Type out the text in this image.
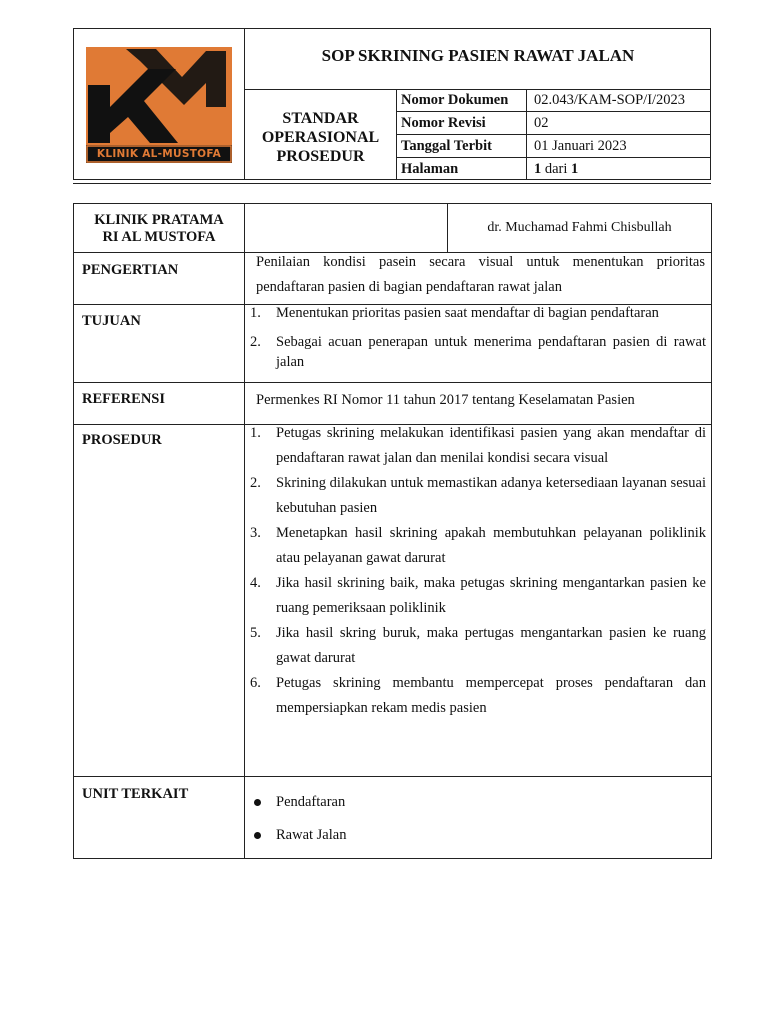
KLINIK AL-MUSTOFA
SOP SKRINING PASIEN RAWAT JALAN
STANDAR
OPERASIONAL
PROSEDUR
Nomor Dokumen 02.043/KAM-SOP/I/2023
Nomor Revisi	02
Tanggal Terbit	01 Januari 2023
Halaman	1 dari 1
KLINIK PRATAMA
RI AL MUSTOFA
dr. Muchamad Fahmi Chisbullah
PENGERTIAN	Penilaian kondisi pasein secara visual untuk menentukan prioritas pendaftaran pasien di bagian pendaftaran rawat jalan
TUJUAN	1. Menentukan prioritas pasien saat mendaftar di bagian pendaftaran
2. Sebagai acuan penerapan untuk menerima pendaftaran pasien di rawat jalan
REFERENSI	Permenkes RI Nomor 11 tahun 2017 tentang Keselamatan Pasien
PROSEDUR	1. Petugas skrining melakukan identifikasi pasien yang akan mendaftar di pendaftaran rawat jalan dan menilai kondisi secara visual
2. Skrining dilakukan untuk memastikan adanya ketersediaan layanan sesuai kebutuhan pasien
3. Menetapkan hasil skrining apakah membutuhkan pelayanan poliklinik atau pelayanan gawat darurat
4. Jika hasil skrining baik, maka petugas skrining mengantarkan pasien ke ruang pemeriksaan poliklinik
5. Jika hasil skring buruk, maka pertugas mengantarkan pasien ke ruang gawat darurat
6. Petugas skrining membantu mempercepat proses pendaftaran dan mempersiapkan rekam medis pasien
UNIT TERKAIT	Pendaftaran
Rawat Jalan
